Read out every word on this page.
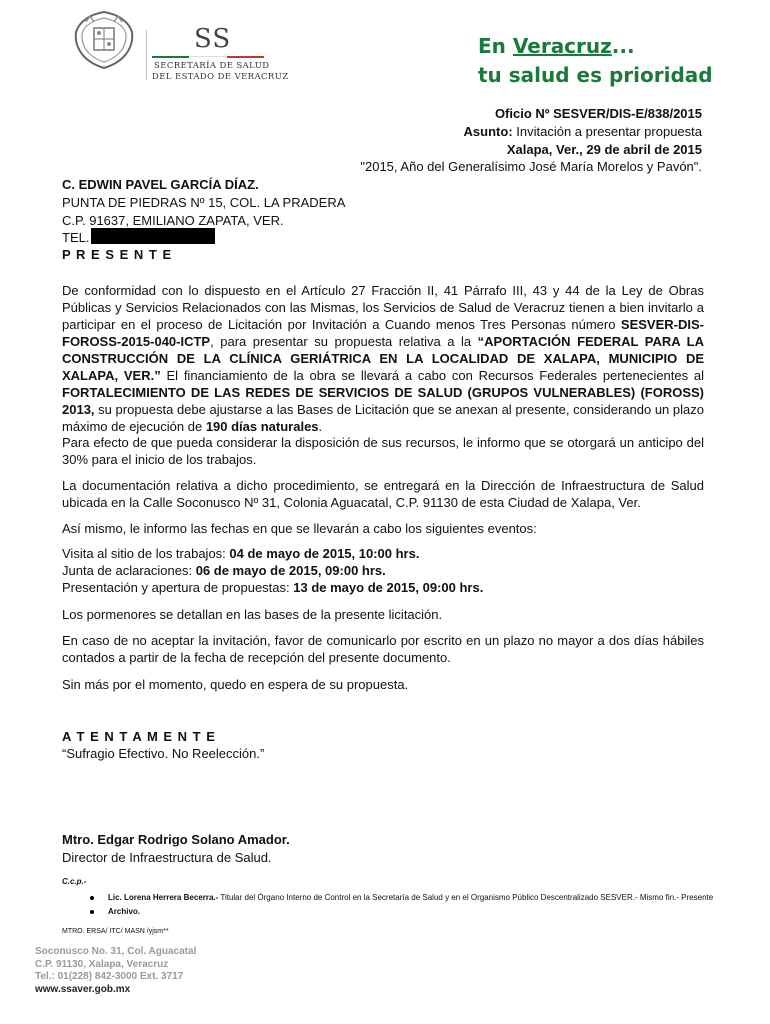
SS
SECRETARÍA DE SALUD
DEL ESTADO DE VERACRUZ
En Veracruz...
tu salud es prioridad
Oficio Nº SESVER/DIS-E/838/2015
Asunto: Invitación a presentar propuesta
Xalapa, Ver., 29 de abril de 2015
"2015, Año del Generalísimo José María Morelos y Pavón".
C. EDWIN PAVEL GARCÍA DÍAZ.
PUNTA DE PIEDRAS Nº 15, COL. LA PRADERA
C.P. 91637, EMILIANO ZAPATA, VER.
TEL.
P R E S E N T E
De conformidad con lo dispuesto en el Artículo 27 Fracción II, 41 Párrafo III, 43 y 44 de la Ley de Obras Públicas y Servicios Relacionados con las Mismas, los Servicios de Salud de Veracruz tienen a bien invitarlo a participar en el proceso de Licitación por Invitación a Cuando menos Tres Personas número SESVER-DIS-FOROSS-2015-040-ICTP, para presentar su propuesta relativa a la “APORTACIÓN FEDERAL PARA LA CONSTRUCCIÓN DE LA CLÍNICA GERIÁTRICA EN LA LOCALIDAD DE XALAPA, MUNICIPIO DE XALAPA, VER.” El financiamiento de la obra se llevará a cabo con Recursos Federales pertenecientes al FORTALECIMIENTO DE LAS REDES DE SERVICIOS DE SALUD (GRUPOS VULNERABLES) (FOROSS) 2013, su propuesta debe ajustarse a las Bases de Licitación que se anexan al presente, considerando un plazo máximo de ejecución de 190 días naturales.
Para efecto de que pueda considerar la disposición de sus recursos, le informo que se otorgará un anticipo del 30% para el inicio de los trabajos.
La documentación relativa a dicho procedimiento, se entregará en la Dirección de Infraestructura de Salud ubicada en la Calle Soconusco Nº 31, Colonia Aguacatal, C.P. 91130 de esta Ciudad de Xalapa, Ver.
Así mismo, le informo las fechas en que se llevarán a cabo los siguientes eventos:
Visita al sitio de los trabajos: 04 de mayo de 2015, 10:00 hrs.
Junta de aclaraciones: 06 de mayo de 2015, 09:00 hrs.
Presentación y apertura de propuestas: 13 de mayo de 2015, 09:00 hrs.
Los pormenores se detallan en las bases de la presente licitación.
En caso de no aceptar la invitación, favor de comunicarlo por escrito en un plazo no mayor a dos días hábiles contados a partir de la fecha de recepción del presente documento.
Sin más por el momento, quedo en espera de su propuesta.
A T E N T A M E N T E
“Sufragio Efectivo. No Reelección.”
Mtro. Edgar Rodrigo Solano Amador.
Director de Infraestructura de Salud.
C.c.p.-
Lic. Lorena Herrera Becerra.- Titular del Órgano Interno de Control en la Secretaría de Salud y en el Organismo Público Descentralizado SESVER.- Mismo fin.- Presente
Archivo.
MTRO. ERSA/ ITC/ MASN /yjsm**
Soconusco No. 31, Col. Aguacatal
C.P. 91130, Xalapa, Veracruz
Tel.: 01(228) 842-3000 Ext. 3717
www.ssaver.gob.mx
